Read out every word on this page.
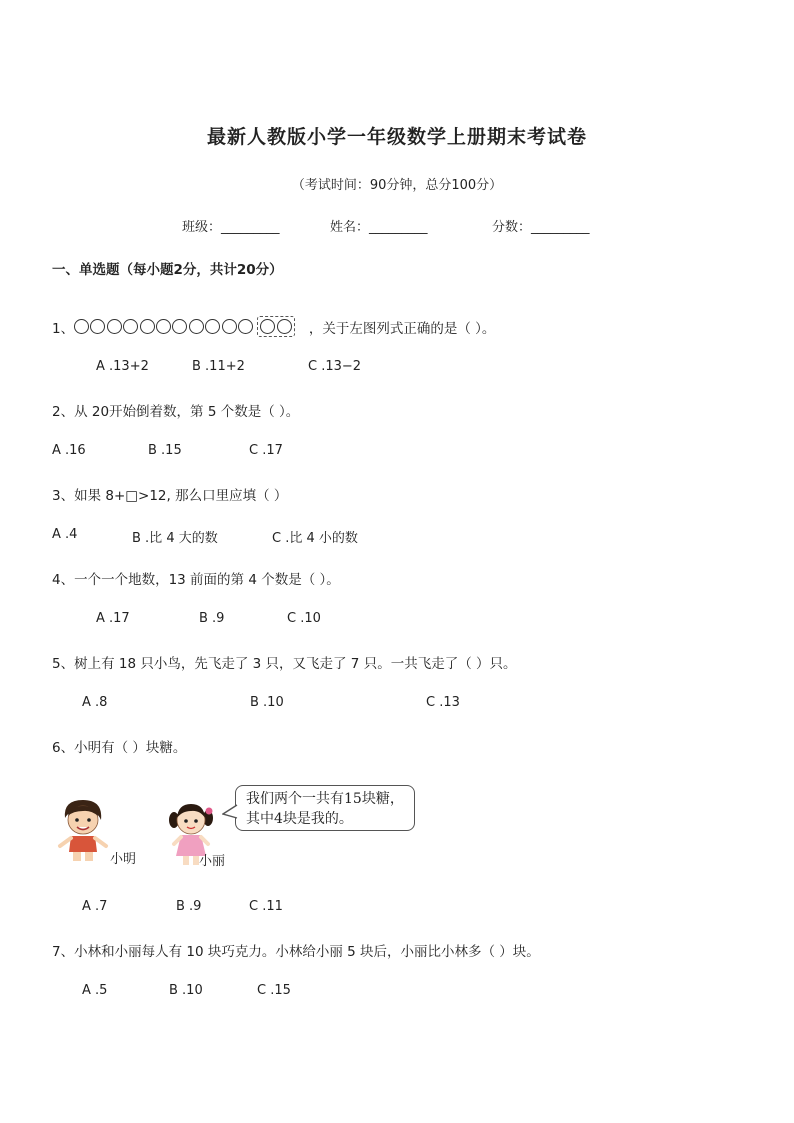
最新人教版小学一年级数学上册期末考试卷
（考试时间：90分钟，总分100分）
班级：_________	姓名：_________	分数：_________
一、单选题（每小题2分，共计20分）
1、	，关于左图列式正确的是（ ）。
A .13+2	B .11+2	C .13−2
2、从 20开始倒着数，第 5 个数是（ ）。
A .16	B .15	C .17
3、如果 8+□>12, 那么口里应填（ ）
A .4	B .比 4 大的数	C .比 4 小的数
4、一个一个地数，13 前面的第 4 个数是（ ）。
A .17	B .9	C .10
5、树上有 18 只小鸟，先飞走了 3 只，又飞走了 7 只。一共飞走了（ ）只。
A .8	B .10	C .13
6、小明有（ ）块糖。
小明	小丽
我们两个一共有15块糖，其中4块是我的。
A .7	B .9	C .11
7、小林和小丽每人有 10 块巧克力。小林给小丽 5 块后，小丽比小林多（ ）块。
A .5	B .10	C .15
